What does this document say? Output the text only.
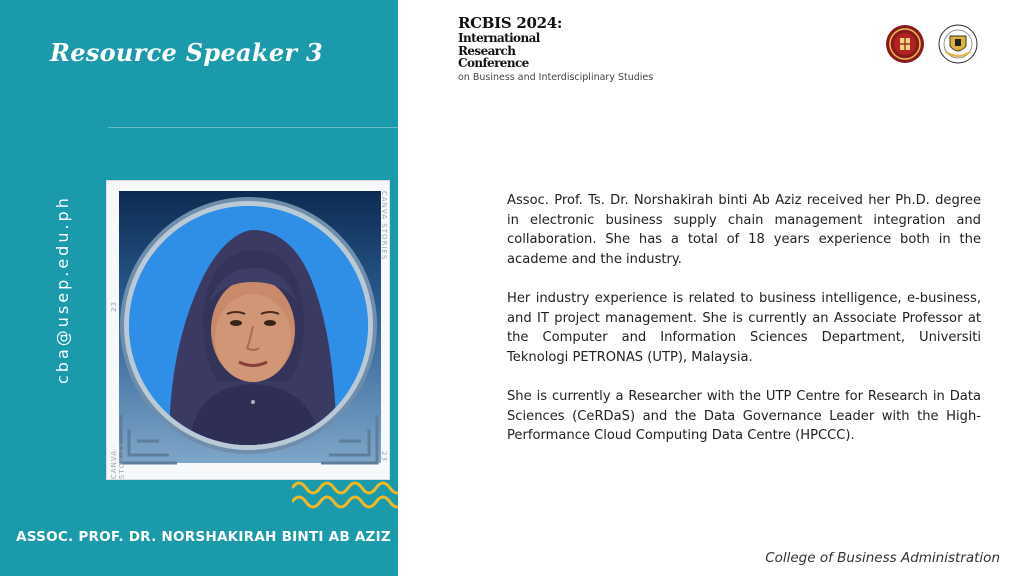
Resource Speaker 3
cba@usep.edu.ph
CANVA STORIES
CANVA STORIES
23
23
ASSOC. PROF. DR. NORSHAKIRAH BINTI AB AZIZ
RCBIS 2024:
International
Research
Conference
on Business and Interdisciplinary Studies

Assoc. Prof. Ts. Dr. Norshakirah binti Ab Aziz received her Ph.D. degree in electronic business supply chain management integration and collaboration. She has a total of 18 years experience both in the academe and the industry.

Her industry experience is related to business intelligence, e-business, and IT project management. She is currently an Associate Professor at the Computer and Information Sciences Department, Universiti Teknologi PETRONAS (UTP), Malaysia.

She is currently a Researcher with the UTP Centre for Research in Data Sciences (CeRDaS) and the Data Governance Leader with the High-Performance Cloud Computing Data Centre (HPCCC).

College of Business Administration
